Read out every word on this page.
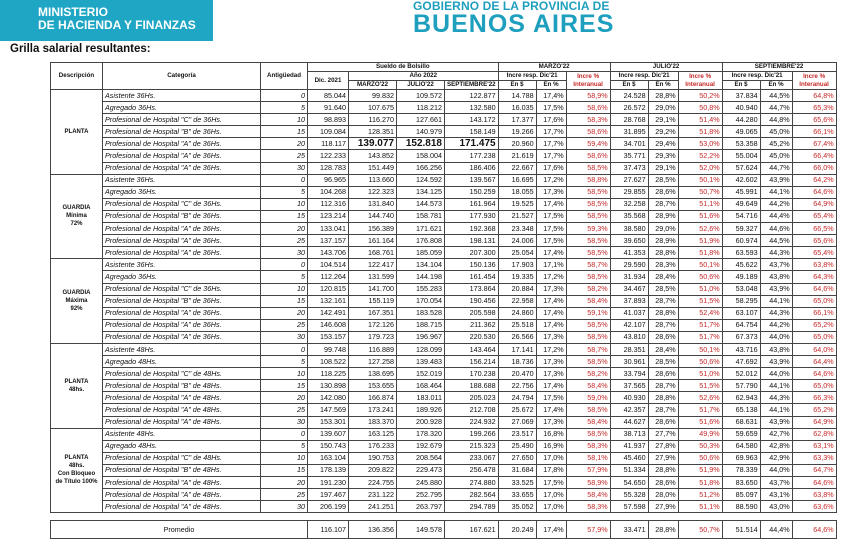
MINISTERIO
DE HACIENDA Y FINANZAS
GOBIERNO DE LA PROVINCIA DE
BUENOS AIRES
Grilla salarial resultantes:
Descripción	Categoría	Antigüedad	Sueldo de Bolsillo				MARZO'22			JULIO'22			SEPTIEMBRE'22		
			Dic. 2021	Año 2022			Incre resp. Dic'21		Incre % Interanual	Incre resp. Dic'21		Incre % Interanual	Incre resp. Dic'21		Incre % Interanual
				MARZO'22	JULIO'22	SEPTIEMBRE'22	En $	En %		En $	En %		En $	En %	

PLANTA	Asistente 36Hs.	0	85.044	99.832	109.572	122.877	14.788	17,4%	58,9%	24.528	28,8%	50,2%	37.834	44,5%	64,8%
	Agregado 36Hs.	5	91.640	107.675	118.212	132.580	16.035	17,5%	58,6%	26.572	29,0%	50,8%	40.940	44,7%	65,3%
	Profesional de Hospital "C" de 36Hs.	10	98.893	116.270	127.661	143.172	17.377	17,6%	58,3%	28.768	29,1%	51,4%	44.280	44,8%	65,6%
	Profesional de Hospital "B" de 36Hs.	15	109.084	128.351	140.979	158.149	19.266	17,7%	58,6%	31.895	29,2%	51,8%	49.065	45,0%	66,1%
	Profesional de Hospital "A" de 36Hs.	20	118.117	139.077	152.818	171.475	20.960	17,7%	59,4%	34.701	29,4%	53,0%	53.358	45,2%	67,4%
	Profesional de Hospital "A" de 36Hs.	25	122.233	143.852	158.004	177.238	21.619	17,7%	58,6%	35.771	29,3%	52,2%	55.004	45,0%	66,4%
	Profesional de Hospital "A" de 36Hs.	30	128.783	151.449	166.256	186.406	22.667	17,6%	58,5%	37.473	29,1%	52,0%	57.624	44,7%	66,0%

GUARDIA
Mínima
72%	Asistente 36Hs.	0	96.965	113.660	124.592	139.567	16.695	17,2%	58,8%	27.627	28,5%	50,1%	42.602	43,9%	64,2%
	Agregado 36Hs.	5	104.268	122.323	134.125	150.259	18.055	17,3%	58,5%	29.855	28,6%	50,7%	45.991	44,1%	64,6%
	Profesional de Hospital "C" de 36Hs.	10	112.316	131.840	144.573	161.964	19.525	17,4%	58,5%	32.258	28,7%	51,1%	49.649	44,2%	64,9%
	Profesional de Hospital "B" de 36Hs.	15	123.214	144.740	158.781	177.930	21.527	17,5%	58,5%	35.568	28,9%	51,6%	54.716	44,4%	65,4%
	Profesional de Hospital "A" de 36Hs.	20	133.041	156.389	171.621	192.368	23.348	17,5%	59,3%	38.580	29,0%	52,6%	59.327	44,6%	66,5%
	Profesional de Hospital "A" de 36Hs.	25	137.157	161.164	176.808	198.131	24.006	17,5%	58,5%	39.650	28,9%	51,9%	60.974	44,5%	65,6%
	Profesional de Hospital "A" de 36Hs.	30	143.706	168.761	185.059	207.300	25.054	17,4%	58,5%	41.353	28,8%	51,8%	63.593	44,3%	65,4%

GUARDIA
Máxima
92%	Asistente 36Hs.	0	104.514	122.417	134.104	150.136	17.903	17,1%	58,7%	29.590	28,3%	50,1%	45.622	43,7%	63,8%
	Agregado 36Hs.	5	112.264	131.599	144.198	161.454	19.335	17,2%	58,5%	31.934	28,4%	50,6%	49.189	43,8%	64,3%
	Profesional de Hospital "C" de 36Hs.	10	120.815	141.700	155.283	173.864	20.884	17,3%	58,2%	34.467	28,5%	51,0%	53.048	43,9%	64,6%
	Profesional de Hospital "B" de 36Hs.	15	132.161	155.119	170.054	190.456	22.958	17,4%	58,4%	37.893	28,7%	51,5%	58.295	44,1%	65,0%
	Profesional de Hospital "A" de 36Hs.	20	142.491	167.351	183.528	205.598	24.860	17,4%	59,1%	41.037	28,8%	52,4%	63.107	44,3%	66,1%
	Profesional de Hospital "A" de 36Hs.	25	146.608	172.126	188.715	211.362	25.518	17,4%	58,5%	42.107	28,7%	51,7%	64.754	44,2%	65,2%
	Profesional de Hospital "A" de 36Hs.	30	153.157	179.723	196.967	220.530	26.566	17,3%	58,5%	43.810	28,6%	51,7%	67.373	44,0%	65,0%

PLANTA
48hs.	Asistente 48Hs.	0	99.748	116.889	128.099	143.464	17.141	17,2%	58,7%	28.351	28,4%	50,1%	43.716	43,8%	64,0%
	Agregado 48Hs.	5	108.522	127.258	139.483	156.214	18.736	17,3%	58,5%	30.961	28,5%	50,6%	47.692	43,9%	64,4%
	Profesional de Hospital "C" de 48Hs.	10	118.225	138.695	152.019	170.238	20.470	17,3%	58,2%	33.794	28,6%	51,0%	52.012	44,0%	64,6%
	Profesional de Hospital "B" de 48Hs.	15	130.898	153.655	168.464	188.688	22.756	17,4%	58,4%	37.565	28,7%	51,5%	57.790	44,1%	65,0%
	Profesional de Hospital "A" de 48Hs.	20	142.080	166.874	183.011	205.023	24.794	17,5%	59,0%	40.930	28,8%	52,6%	62.943	44,3%	66,3%
	Profesional de Hospital "A" de 48Hs.	25	147.569	173.241	189.926	212.708	25.672	17,4%	58,5%	42.357	28,7%	51,7%	65.138	44,1%	65,2%
	Profesional de Hospital "A" de 48Hs.	30	153.301	183.370	200.928	224.932	27.069	17,3%	58,4%	44.627	28,6%	51,6%	68.631	43,9%	64,9%

PLANTA
48hs.
Con Bloqueo
de Título 100%	Asistente 48Hs.	0	139.607	163.125	178.320	199.266	23.517	16,8%	58,5%	38.713	27,7%	49,9%	59.659	42,7%	62,8%
	Agregado 48Hs.	5	150.743	176.233	192.679	215.323	25.490	16,9%	58,3%	41.937	27,8%	50,3%	64.580	42,8%	63,1%
	Profesional de Hospital "C" de 48Hs.	10	163.104	190.753	208.564	233.067	27.650	17,0%	58,1%	45.460	27,9%	50,6%	69.963	42,9%	63,3%
	Profesional de Hospital "B" de 48Hs.	15	178.139	209.822	229.473	256.478	31.684	17,8%	57,9%	51.334	28,8%	51,9%	78.339	44,0%	64,7%
	Profesional de Hospital "A" de 48Hs.	20	191.230	224.755	245.880	274.880	33.525	17,5%	58,9%	54.650	28,6%	51,8%	83.650	43,7%	64,6%
	Profesional de Hospital "A" de 48Hs.	25	197.467	231.122	252.795	282.564	33.655	17,0%	58,4%	55.328	28,0%	51,2%	85.097	43,1%	63,8%
	Profesional de Hospital "A" de 48Hs.	30	206.199	241.251	263.797	294.789	35.052	17,0%	58,3%	57.598	27,9%	51,1%	88.590	43,0%	63,6%

Promedio			116.107	136.356	149.578	167.621	20.249	17,4%	57,9%	33.471	28,8%	50,7%	51.514	44,4%	64,6%
